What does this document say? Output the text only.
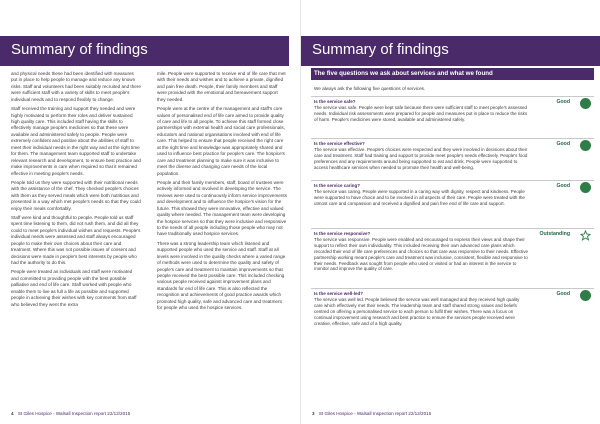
Summary of findings

and physical needs these had been identified with measures put in place to help people to manage and reduce any known risks. Staff and volunteers had been suitably recruited and there were sufficient staff with a variety of skills to meet people's individual needs and to respond flexibly to change.

Staff received the training and support they needed and were highly motivated to perform their roles and deliver sustained high quality care. This included staff having the skills to effectively manage people's medicines so that these were available and administered safely to people. People were extremely confident and positive about the abilities of staff to meet their individual needs in the right way and at the right time for them. The management team supported staff to undertake relevant research and development, to ensure best practice and make improvements in care when required so that it remained effective in meeting people's needs.

People told us they were supported with their nutritional needs with the assistance of the chef. They checked people's choices with them as they served meals which were both nutritious and presented in a way which met people's needs so that they could enjoy their meals comfortably.

Staff were kind and thoughtful to people. People told us staff spent time listening to them, did not rush them, and did all they could to meet people's individual wishes and requests. People's individual needs were assessed and staff always encouraged people to make their own choices about their care and treatment. Where this was not possible issues of consent and decisions were made in people's best interests by people who had the authority to do this.

People were treated as individuals and staff were motivated and committed to providing people with the best possible palliative and end of life care. Staff worked with people who enable them to live as full a life as possible and supported people in achieving their wishes with key comments from staff who believed they went the extra

mile. People were supported to receive end of life care that met with their needs and wishes and to achieve a private, dignified and pain free death. People, their family members and staff were provided with the emotional and bereavement support they needed.

People were at the centre of the management and staff's core values of personalised end of life care aimed to provide quality of care and life to all people. To achieve this staff formed close partnerships with external health and social care professionals, educators and national organisations involved with end of life care. This helped to ensure that people received the right care at the right time and knowledge was appropriately shared and used to influence best practice for people's care. The hospice's care and treatment planning to make sure it was inclusive to meet the diverse and changing care needs of the local population.

People and their family members, staff, board of trustees were actively informed and involved in developing the service. The reviews were used to continuously inform service improvements and development and to influence the hospice's vision for the future. This showed they were innovative, effective and valued quality where needed. The management team were developing the hospice services so that they were inclusive and responsive to the needs of all people including those people who may not have traditionally used hospice services.

There was a strong leadership team which listened and supported people who used the service and staff. Staff at all levels were involved in the quality checks where a varied range of methods were used to determine the quality and safety of people's care and treatment to maintain improvements so that people received the best possible care. This included checking various people received against improvement plans and standards for end of life care. This is also reflected the recognition and achievements of good practice awards which promoted high quality, safe and advanced care and treatment for people who used the hospice services.

4 St Giles Hospice - Walsall Inspection report 22/12/2015
Summary of findings
3 St Giles Hospice - Walsall Inspection report 22/12/2015
The five questions we ask about services and what we found
We always ask the following five questions of services.
Is the service safe?
The service was safe. People were kept safe because there were sufficient staff to meet people's assessed needs. Individual risk assessments were prepared for people and measures put in place to reduce the risks of harm. People's medicines were stored, available and administered safely.
Good
Is the service effective?
The service was effective. People's choices were respected and they were involved in decisions about their care and treatment. Staff had training and support to provide meet people's needs effectively. People's food preferences and any requirements around being supported to eat and drink. People were supported to access healthcare services when needed to promote their health and well-being.
Good
Is the service caring?
The service was caring. People were supported in a caring way with dignity, respect and kindness. People were supported to have choice and to be involved in all aspects of their care. People were treated with the utmost care and compassion and received a dignified and pain free end of life care and support.
Good
Is the service responsive?
The service was responsive. People were enabled and encouraged to express their views and shape their support to reflect their own individuality. This included receiving their own advanced care plans which recorded their end of life care preferences and choices so that care was responsive to their needs. Effective partnership working meant people's care and treatment was inclusive, consistent, flexible and responsive to their needs. Feedback was sought from people who used or visited or had an interest in the service to monitor and improve the quality of care.
Outstanding
Is the service well-led?
The service was well led. People believed the service was well managed and they received high quality care which effectively met their needs. The leadership team and staff shared strong values and beliefs centred on offering a personalised service to each person to fulfil their wishes. There was a focus on continual improvement using research and best practice to ensure the services people received were creative, effective, safe and of a high quality.
Good
